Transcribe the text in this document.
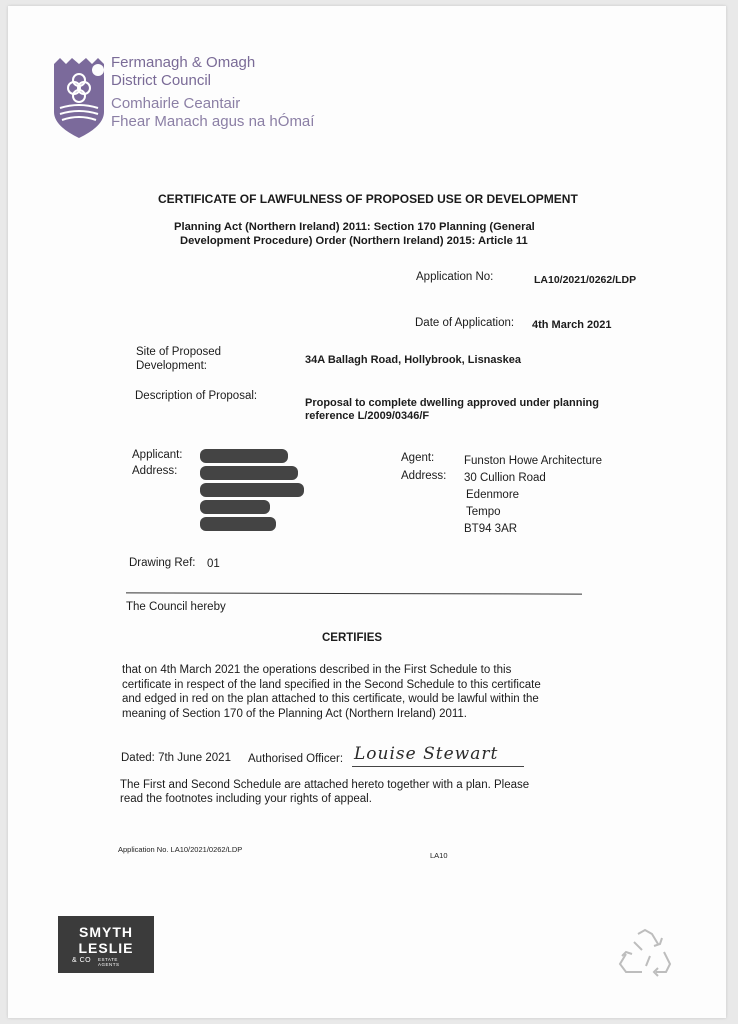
Fermanagh & Omagh
District Council
Comhairle Ceantair
Fhear Manach agus na hÓmaí
CERTIFICATE OF LAWFULNESS OF PROPOSED USE OR DEVELOPMENT
Planning Act (Northern Ireland) 2011: Section 170 Planning (General
Development Procedure) Order (Northern Ireland) 2015: Article 11
Application No:	LA10/2021/0262/LDP
Date of Application: 4th March 2021
Site of Proposed
Development:	34A Ballagh Road, Hollybrook, Lisnaskea
Description of Proposal:
Proposal to complete dwelling approved under planning
reference L/2009/0346/F
Applicant:
Address:
Agent:	Funston Howe Architecture
Address: 30 Cullion Road
Edenmore
Tempo
BT94 3AR
Drawing Ref: 01
The Council hereby
CERTIFIES
that on 4th March 2021 the operations described in the First Schedule to this
certificate in respect of the land specified in the Second Schedule to this certificate
and edged in red on the plan attached to this certificate, would be lawful within the
meaning of Section 170 of the Planning Act (Northern Ireland) 2011.
Dated: 7th June 2021 Authorised Officer: Louise Stewart
The First and Second Schedule are attached hereto together with a plan. Please
read the footnotes including your rights of appeal.
Application No. LA10/2021/0262/LDP
LA10
SMYTH
LESLIE
& CO ESTATE
AGENTS
